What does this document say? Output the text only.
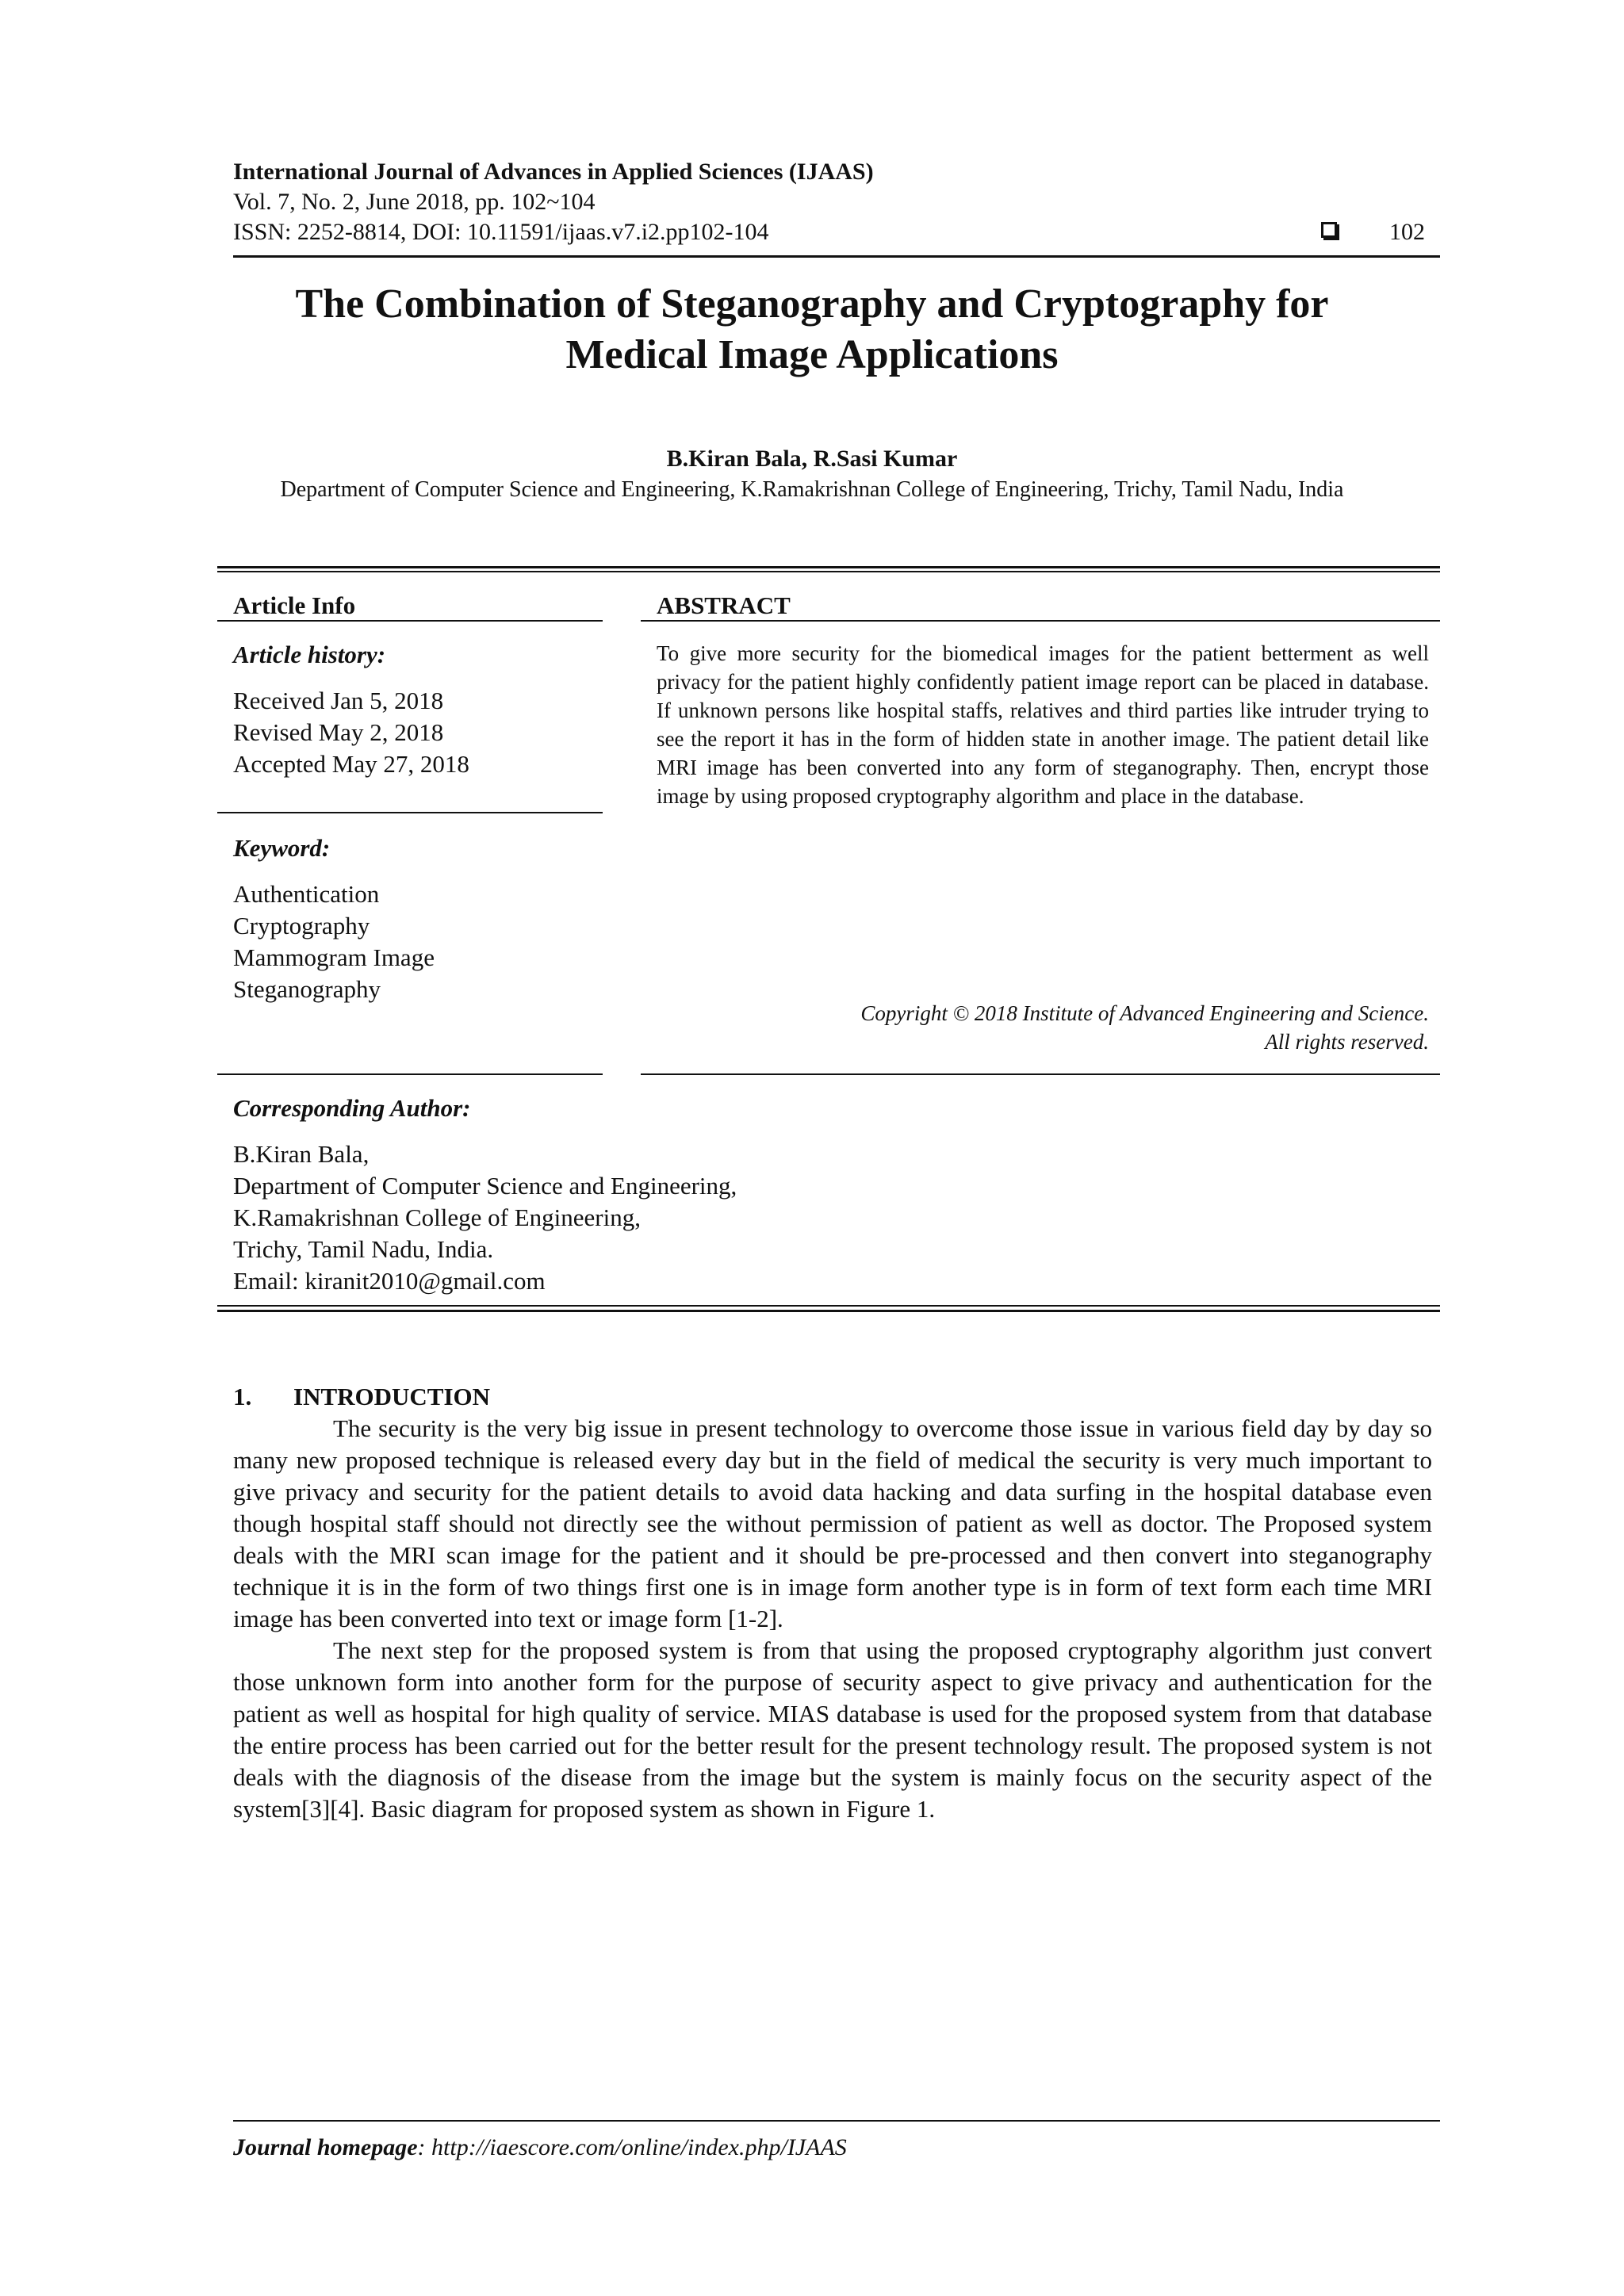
International Journal of Advances in Applied Sciences (IJAAS)
Vol. 7, No. 2, June 2018, pp. 102~104
ISSN: 2252-8814, DOI: 10.11591/ijaas.v7.i2.pp102-104	102
The Combination of Steganography and Cryptography for
Medical Image Applications
B.Kiran Bala, R.Sasi Kumar
Department of Computer Science and Engineering, K.Ramakrishnan College of Engineering, Trichy, Tamil Nadu, India
Article Info
Article history:
Received Jan 5, 2018
Revised May 2, 2018
Accepted May 27, 2018
Keyword:
Authentication
Cryptography
Mammogram Image
Steganography
ABSTRACT
To give more security for the biomedical images for the patient betterment as well privacy for the patient highly confidently patient image report can be placed in database. If unknown persons like hospital staffs, relatives and third parties like intruder trying to see the report it has in the form of hidden state in another image. The patient detail like MRI image has been converted into any form of steganography. Then, encrypt those image by using proposed cryptography algorithm and place in the database.
Copyright © 2018 Institute of Advanced Engineering and Science.
All rights reserved.
Corresponding Author:
B.Kiran Bala,
Department of Computer Science and Engineering,
K.Ramakrishnan College of Engineering,
Trichy, Tamil Nadu, India.
Email: kiranit2010@gmail.com
1. INTRODUCTION

The security is the very big issue in present technology to overcome those issue in various field day by day so many new proposed technique is released every day but in the field of medical the security is very much important to give privacy and security for the patient details to avoid data hacking and data surfing in the hospital database even though hospital staff should not directly see the without permission of patient as well as doctor. The Proposed system deals with the MRI scan image for the patient and it should be pre-processed and then convert into steganography technique it is in the form of two things first one is in image form another type is in form of text form each time MRI image has been converted into text or image form [1-2].

The next step for the proposed system is from that using the proposed cryptography algorithm just convert those unknown form into another form for the purpose of security aspect to give privacy and authentication for the patient as well as hospital for high quality of service. MIAS database is used for the proposed system from that database the entire process has been carried out for the better result for the present technology result. The proposed system is not deals with the diagnosis of the disease from the image but the system is mainly focus on the security aspect of the system[3][4]. Basic diagram for proposed system as shown in Figure 1.

Journal homepage: http://iaescore.com/online/index.php/IJAAS
